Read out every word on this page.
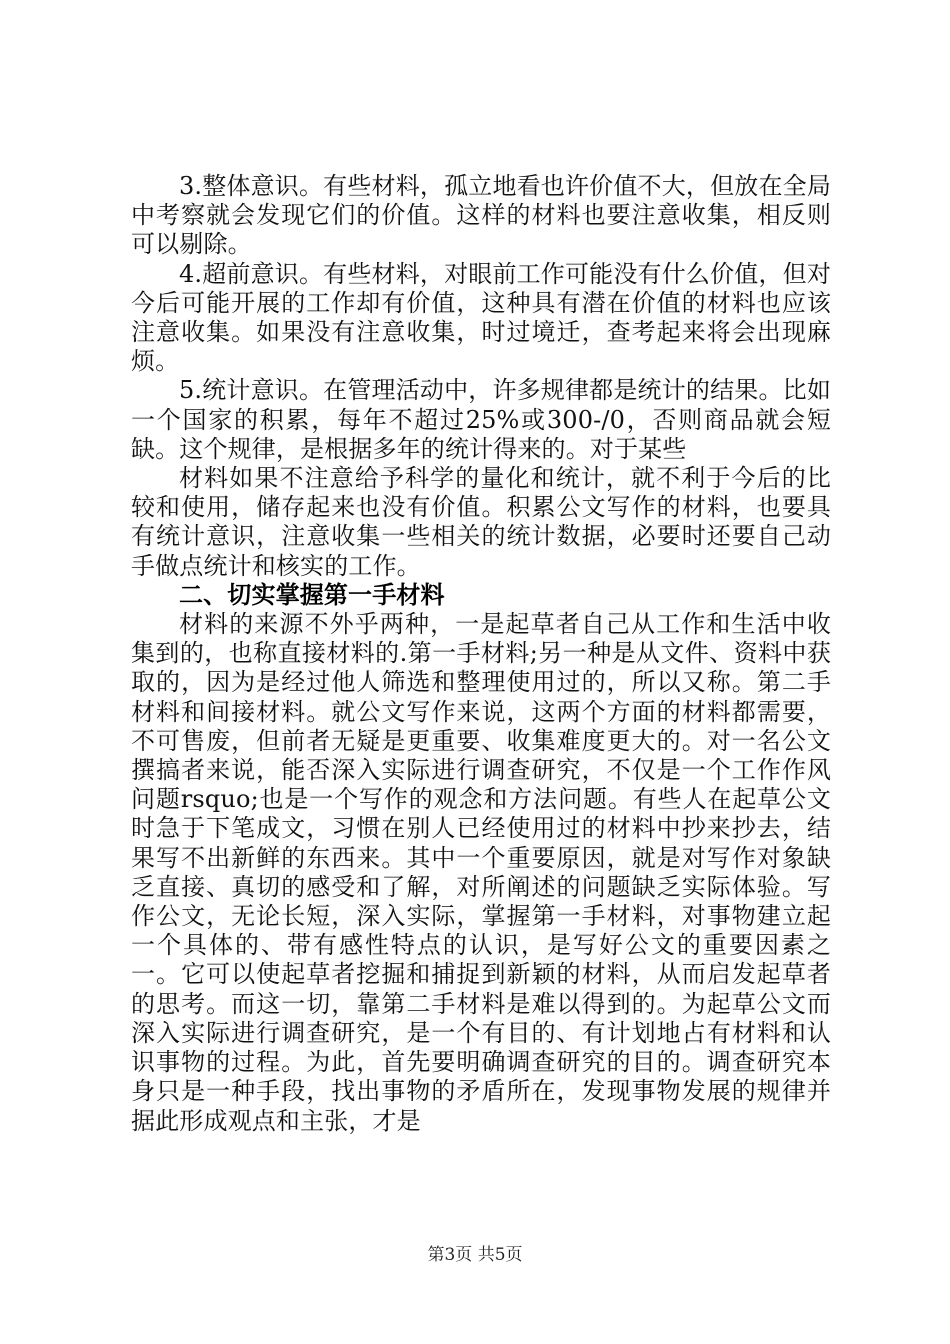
3.整体意识。有些材料，孤立地看也许价值不大，但放在全局中考察就会发现它们的价值。这样的材料也要注意收集，相反则可以剔除。

4.超前意识。有些材料，对眼前工作可能没有什么价值，但对今后可能开展的工作却有价值，这种具有潜在价值的材料也应该注意收集。如果没有注意收集，时过境迁，查考起来将会出现麻烦。

5.统计意识。在管理活动中，许多规律都是统计的结果。比如一个国家的积累，每年不超过25%或300-/0，否则商品就会短缺。这个规律，是根据多年的统计得来的。对于某些

材料如果不注意给予科学的量化和统计，就不利于今后的比较和使用，储存起来也没有价值。积累公文写作的材料，也要具有统计意识，注意收集一些相关的统计数据，必要时还要自己动手做点统计和核实的工作。

二、切实掌握第一手材料

材料的来源不外乎两种，一是起草者自己从工作和生活中收集到的，也称直接材料的.第一手材料;另一种是从文件、资料中获取的，因为是经过他人筛选和整理使用过的，所以又称。第二手材料和间接材料。就公文写作来说，这两个方面的材料都需要，不可售废，但前者无疑是更重要、收集难度更大的。对一名公文撰搞者来说，能否深入实际进行调查研究，不仅是一个工作作风问题rsquo;也是一个写作的观念和方法问题。有些人在起草公文时急于下笔成文，习惯在别人已经使用过的材料中抄来抄去，结果写不出新鲜的东西来。其中一个重要原因，就是对写作对象缺乏直接、真切的感受和了解，对所阐述的问题缺乏实际体验。写作公文，无论长短，深入实际，掌握第一手材料，对事物建立起一个具体的、带有感性特点的认识，是写好公文的重要因素之一。它可以使起草者挖掘和捕捉到新颖的材料，从而启发起草者的思考。而这一切，靠第二手材料是难以得到的。为起草公文而深入实际进行调查研究，是一个有目的、有计划地占有材料和认识事物的过程。为此，首先要明确调查研究的目的。调查研究本身只是一种手段，找出事物的矛盾所在，发现事物发展的规律并据此形成观点和主张，才是

第3页 共5页
